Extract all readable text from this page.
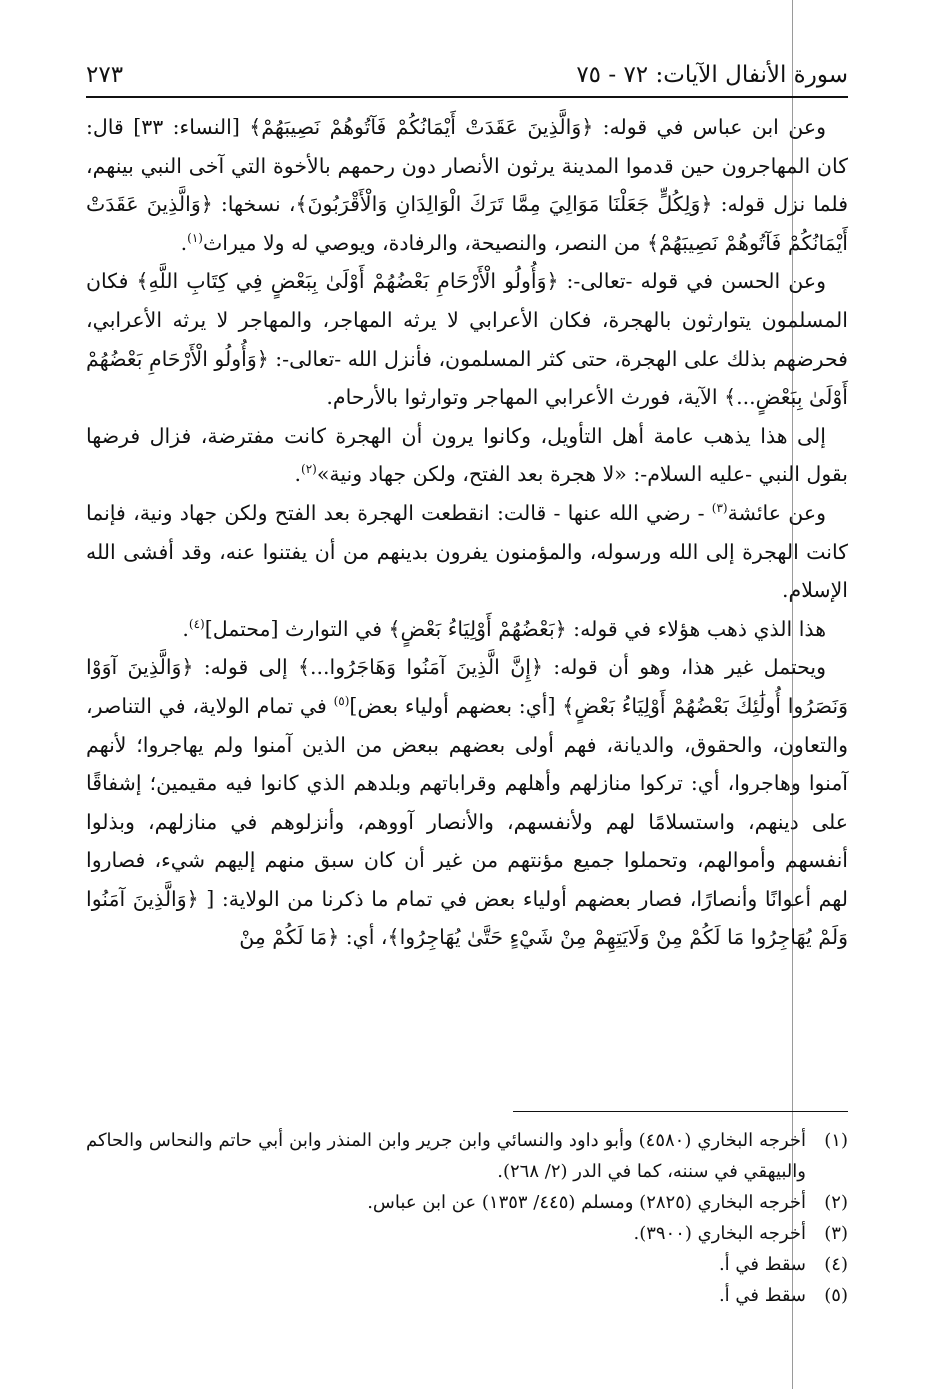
سورة الأنفال الآيات: ٧٢ - ٧٥
٢٧٣

وعن ابن عباس في قوله: ﴿وَالَّذِينَ عَقَدَتْ أَيْمَانُكُمْ فَآتُوهُمْ نَصِيبَهُمْ﴾ [النساء: ٣٣] قال: كان المهاجرون حين قدموا المدينة يرثون الأنصار دون رحمهم بالأخوة التي آخى النبي بينهم، فلما نزل قوله: ﴿وَلِكُلٍّ جَعَلْنَا مَوَالِيَ مِمَّا تَرَكَ الْوَالِدَانِ وَالْأَقْرَبُونَ﴾، نسخها: ﴿وَالَّذِينَ عَقَدَتْ أَيْمَانُكُمْ فَآتُوهُمْ نَصِيبَهُمْ﴾ من النصر، والنصيحة، والرفادة، ويوصي له ولا ميراث$^{(١)}$.

وعن الحسن في قوله -تعالى-: ﴿وَأُولُو الْأَرْحَامِ بَعْضُهُمْ أَوْلَىٰ بِبَعْضٍ فِي كِتَابِ اللَّهِ﴾ فكان المسلمون يتوارثون بالهجرة، فكان الأعرابي لا يرثه المهاجر، والمهاجر لا يرثه الأعرابي، فحرضهم بذلك على الهجرة، حتى كثر المسلمون، فأنزل الله -تعالى-: ﴿وَأُولُو الْأَرْحَامِ بَعْضُهُمْ أَوْلَىٰ بِبَعْضٍ...﴾ الآية، فورث الأعرابي المهاجر وتوارثوا بالأرحام.

إلى هذا يذهب عامة أهل التأويل، وكانوا يرون أن الهجرة كانت مفترضة، فزال فرضها بقول النبي -عليه السلام-: «لا هجرة بعد الفتح، ولكن جهاد ونية»$^{(٢)}$.

وعن عائشة$^{(٣)}$ - رضي الله عنها - قالت: انقطعت الهجرة بعد الفتح ولكن جهاد ونية، فإنما كانت الهجرة إلى الله ورسوله، والمؤمنون يفرون بدينهم من أن يفتنوا عنه، وقد أفشى الله الإسلام.

هذا الذي ذهب هؤلاء في قوله: ﴿بَعْضُهُمْ أَوْلِيَاءُ بَعْضٍ﴾ في التوارث [محتمل]$^{(٤)}$.

ويحتمل غير هذا، وهو أن قوله: ﴿إِنَّ الَّذِينَ آمَنُوا وَهَاجَرُوا...﴾ إلى قوله: ﴿وَالَّذِينَ آوَوْا وَنَصَرُوا أُولَٰئِكَ بَعْضُهُمْ أَوْلِيَاءُ بَعْضٍ﴾ [أي: بعضهم أولياء بعض]$^{(٥)}$ في تمام الولاية، في التناصر، والتعاون، والحقوق، والديانة، فهم أولى بعضهم ببعض من الذين آمنوا ولم يهاجروا؛ لأنهم آمنوا وهاجروا، أي: تركوا منازلهم وأهلهم وقراباتهم وبلدهم الذي كانوا فيه مقيمين؛ إشفاقًا على دينهم، واستسلامًا لهم ولأنفسهم، والأنصار آووهم، وأنزلوهم في منازلهم، وبذلوا أنفسهم وأموالهم، وتحملوا جميع مؤنتهم من غير أن كان سبق منهم إليهم شيء، فصاروا لهم أعوانًا وأنصارًا، فصار بعضهم أولياء بعض في تمام ما ذكرنا من الولاية: [ ﴿وَالَّذِينَ آمَنُوا وَلَمْ يُهَاجِرُوا مَا لَكُمْ مِنْ وَلَايَتِهِمْ مِنْ شَيْءٍ حَتَّىٰ يُهَاجِرُوا﴾، أي: ﴿مَا لَكُمْ مِنْ

(١)
أخرجه البخاري (٤٥٨٠) وأبو داود والنسائي وابن جرير وابن المنذر وابن أبي حاتم والنحاس والحاكم والبيهقي في سننه، كما في الدر (٢/ ٢٦٨).
(٢)
أخرجه البخاري (٢٨٢٥) ومسلم (٤٤٥/ ١٣٥٣) عن ابن عباس.
(٣)
أخرجه البخاري (٣٩٠٠).
(٤)
سقط في أ.
(٥)
سقط في أ.
